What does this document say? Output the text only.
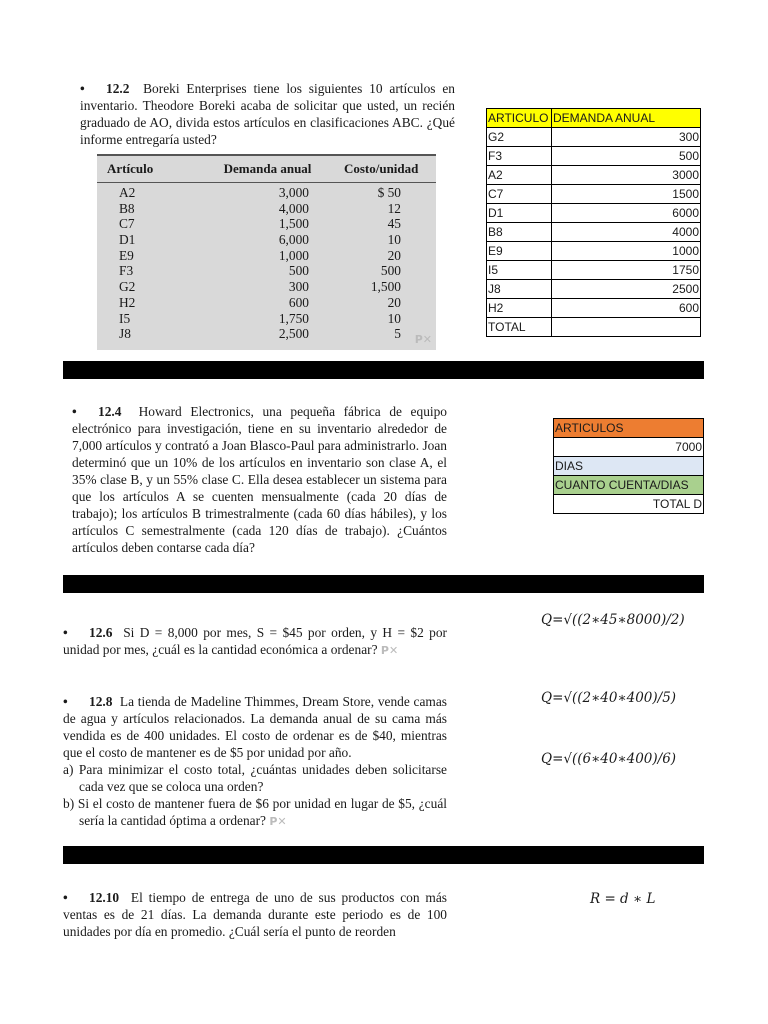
• 12.2 Boreki Enterprises tiene los siguientes 10 artículos en inventario. Theodore Boreki acaba de solicitar que usted, un recién graduado de AO, divida estos artículos en clasificaciones ABC. ¿Qué informe entregaría usted?
Artículo	Demanda anual	Costo/unidad
A2	3,000	$ 50
B8	4,000	12
C7	1,500	45
D1	6,000	10
E9	1,000	20
F3	500	500
G2	300	1,500
H2	600	20
I5	1,750	10
J8	2,500	5 P✕
ARTICULO	DEMANDA ANUAL
G2	300
F3	500
A2	3000
C7	1500
D1	6000
B8	4000
E9	1000
I5	1750
J8	2500
H2	600
TOTAL	
• 12.4 Howard Electronics, una pequeña fábrica de equipo electrónico para investigación, tiene en su inventario alrededor de 7,000 artículos y contrató a Joan Blasco-Paul para administrarlo. Joan determinó que un 10% de los artículos en inventario son clase A, el 35% clase B, y un 55% clase C. Ella desea establecer un sistema para que los artículos A se cuenten mensualmente (cada 20 días de trabajo); los artículos B trimestralmente (cada 60 días hábiles), y los artículos C semestralmente (cada 120 días de trabajo). ¿Cuántos artículos deben contarse cada día?
ARTICULOS
7000
DIAS
CUANTO CUENTA/DIAS
TOTAL D
• 12.6 Si D = 8,000 por mes, S = $45 por orden, y H = $2 por unidad por mes, ¿cuál es la cantidad económica a ordenar? P✕
Q=√((2∗45∗8000)/2)
• 12.8 La tienda de Madeline Thimmes, Dream Store, vende camas de agua y artículos relacionados. La demanda anual de su cama más vendida es de 400 unidades. El costo de ordenar es de $40, mientras que el costo de mantener es de $5 por unidad por año.
a) Para minimizar el costo total, ¿cuántas unidades deben solicitarse cada vez que se coloca una orden?
b) Si el costo de mantener fuera de $6 por unidad en lugar de $5, ¿cuál sería la cantidad óptima a ordenar? P✕
Q=√((2∗40∗400)/5)
Q=√((6∗40∗400)/6)
• 12.10 El tiempo de entrega de uno de sus productos con más ventas es de 21 días. La demanda durante este periodo es de 100 unidades por día en promedio. ¿Cuál sería el punto de reorden
R = d ∗ L
